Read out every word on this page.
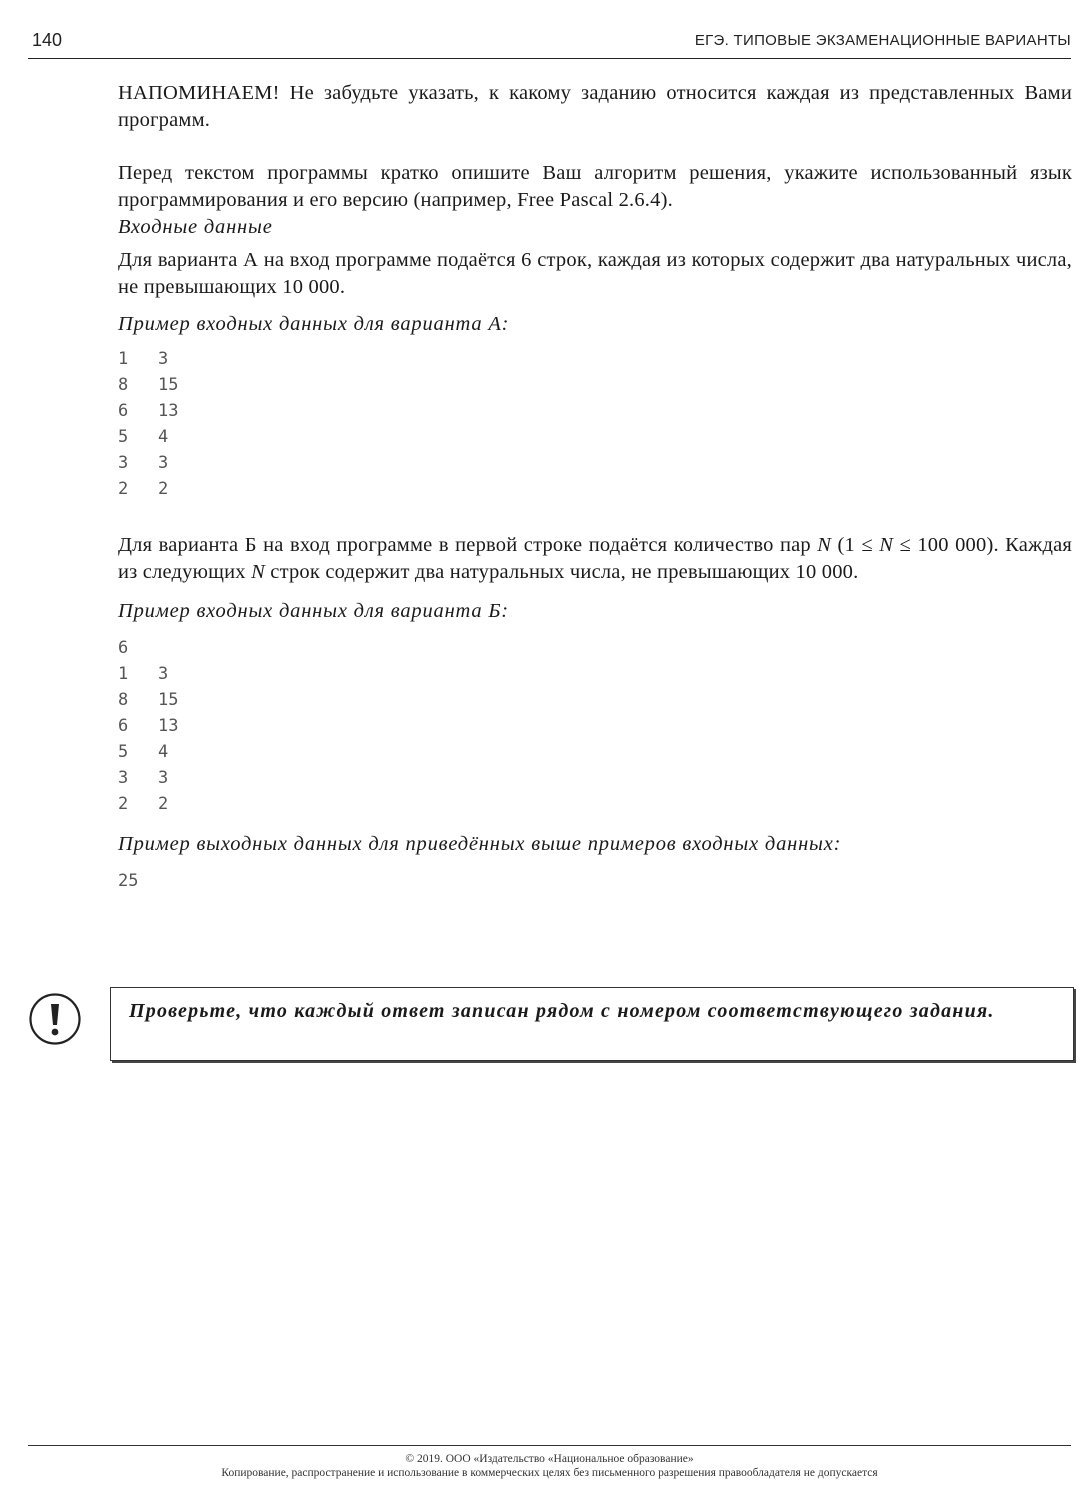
140	ЕГЭ. ТИПОВЫЕ ЭКЗАМЕНАЦИОННЫЕ ВАРИАНТЫ

НАПОМИНАЕМ! Не забудьте указать, к какому заданию относится каждая из представленных Вами программ.

Перед текстом программы кратко опишите Ваш алгоритм решения, укажите использованный язык программирования и его версию (например, Free Pascal 2.6.4).

Входные данные

Для варианта А на вход программе подаётся 6 строк, каждая из которых содержит два натуральных числа, не превышающих 10 000.

Пример входных данных для варианта А:

1	3
8	15
6	13
5	4
3	3
2	2

Для варианта Б на вход программе в первой строке подаётся количество пар N (1 ≤ N ≤ 100 000). Каждая из следующих N строк содержит два натуральных числа, не превышающих 10 000.

Пример входных данных для варианта Б:

6
1	3
8	15
6	13
5	4
3	3
2	2

Пример выходных данных для приведённых выше примеров входных данных:

25
Проверьте, что каждый ответ записан рядом с номером соответствующего задания.
© 2019. ООО «Издательство «Национальное образование»
Копирование, распространение и использование в коммерческих целях без письменного разрешения правообладателя не допускается
